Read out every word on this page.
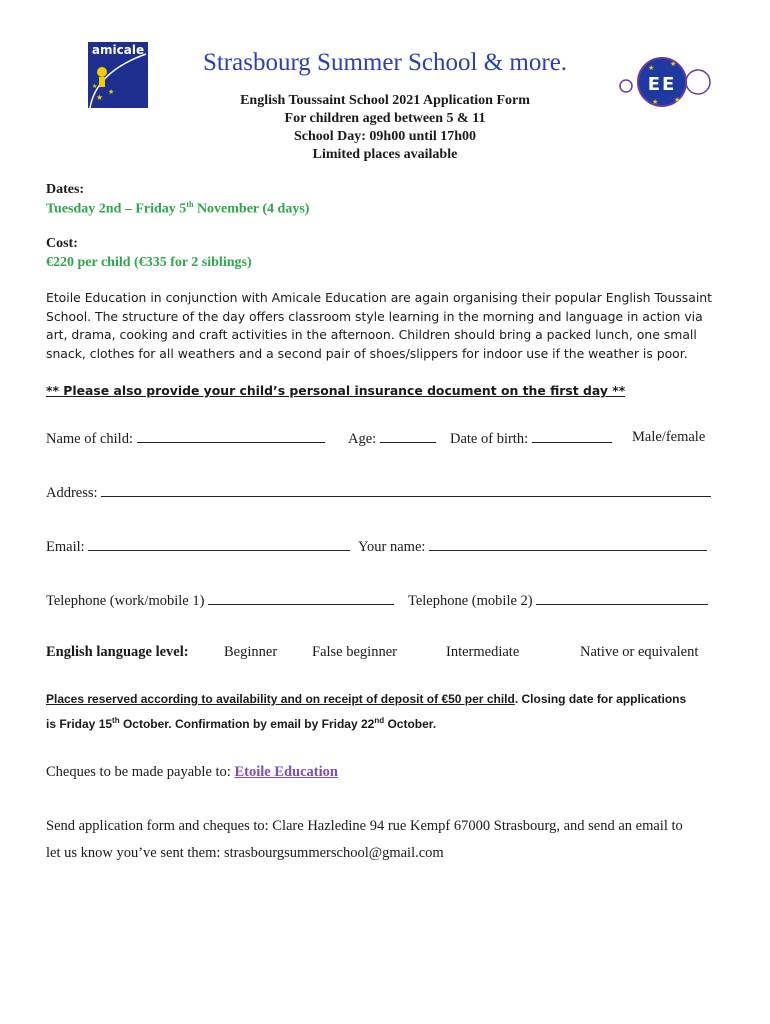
amicale
★
★
★	EE
★ ★
★ ★
Strasbourg Summer School & more.
English Toussaint School 2021 Application Form
For children aged between 5 & 11
School Day: 09h00 until 17h00
Limited places available
Dates:
Tuesday 2nd – Friday 5th November (4 days)
Cost:
€220 per child (€335 for 2 siblings)
Etoile Education in conjunction with Amicale Education are again organising their popular English Toussaint School. The structure of the day offers classroom style learning in the morning and language in action via art, drama, cooking and craft activities in the afternoon. Children should bring a packed lunch, one small snack, clothes for all weathers and a second pair of shoes/slippers for indoor use if the weather is poor.
** Please also provide your child’s personal insurance document on the first day **
Name of child:	Age:	Date of birth:	Male/female
Address:
Email:	Your name:
Telephone (work/mobile 1)	Telephone (mobile 2)
English language level: Beginner False beginner	Intermediate	Native or equivalent
Places reserved according to availability and on receipt of deposit of €50 per child. Closing date for applications
is Friday 15th October. Confirmation by email by Friday 22nd October.
Cheques to be made payable to: Etoile Education
Send application form and cheques to: Clare Hazledine 94 rue Kempf 67000 Strasbourg, and send an email to
let us know you’ve sent them: strasbourgsummerschool@gmail.com
